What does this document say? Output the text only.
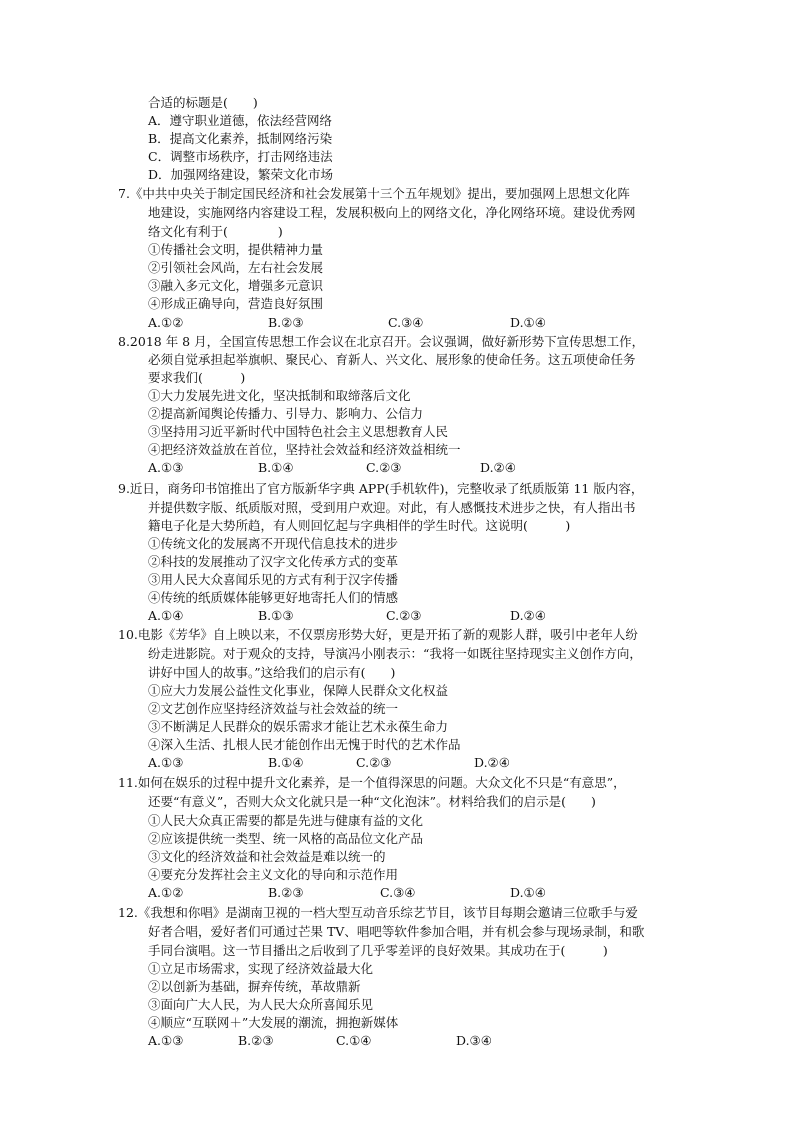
合适的标题是(　　)
A．遵守职业道德，依法经营网络
B．提高文化素养，抵制网络污染
C．调整市场秩序，打击网络违法
D．加强网络建设，繁荣文化市场
7.《中共中央关于制定国民经济和社会发展第十三个五年规划》提出，要加强网上思想文化阵
地建设，实施网络内容建设工程，发展积极向上的网络文化，净化网络环境。建设优秀网
络文化有利于(　　　　)
①传播社会文明，提供精神力量
②引领社会风尚，左右社会发展
③融入多元文化，增强多元意识
④形成正确导向，营造良好氛围
A.①②	B.②③	C.③④	D.①④
8.2018 年 8 月，全国宣传思想工作会议在北京召开。会议强调，做好新形势下宣传思想工作，
必须自觉承担起举旗帜、聚民心、育新人、兴文化、展形象的使命任务。这五项使命任务
要求我们(　　　)
①大力发展先进文化，坚决抵制和取缔落后文化
②提高新闻舆论传播力、引导力、影响力、公信力
③坚持用习近平新时代中国特色社会主义思想教育人民
④把经济效益放在首位，坚持社会效益和经济效益相统一
A.①③	B.①④	C.②③	D.②④
9.近日，商务印书馆推出了官方版新华字典 APP(手机软件)，完整收录了纸质版第 11 版内容，
并提供数字版、纸质版对照，受到用户欢迎。对此，有人感慨技术进步之快，有人指出书
籍电子化是大势所趋，有人则回忆起与字典相伴的学生时代。这说明(　　　)
①传统文化的发展离不开现代信息技术的进步
②科技的发展推动了汉字文化传承方式的变革
③用人民大众喜闻乐见的方式有利于汉字传播
④传统的纸质媒体能够更好地寄托人们的情感
A.①④	B.①③	C.②③	D.②④
10.电影《芳华》自上映以来，不仅票房形势大好，更是开拓了新的观影人群，吸引中老年人纷
纷走进影院。对于观众的支持，导演冯小刚表示：“我将一如既往坚持现实主义创作方向，
讲好中国人的故事。”这给我们的启示有(　　)
①应大力发展公益性文化事业，保障人民群众文化权益
②文艺创作应坚持经济效益与社会效益的统一
③不断满足人民群众的娱乐需求才能让艺术永葆生命力
④深入生活、扎根人民才能创作出无愧于时代的艺术作品
A.①③	B.①④	C.②③	D.②④
11.如何在娱乐的过程中提升文化素养，是一个值得深思的问题。大众文化不只是“有意思”，
还要“有意义”，否则大众文化就只是一种“文化泡沫”。材料给我们的启示是(　　)
①人民大众真正需要的都是先进与健康有益的文化
②应该提供统一类型、统一风格的高品位文化产品
③文化的经济效益和社会效益是难以统一的
④要充分发挥社会主义文化的导向和示范作用
A.①②	B.②③	C.③④	D.①④
12.《我想和你唱》是湖南卫视的一档大型互动音乐综艺节目，该节目每期会邀请三位歌手与爱
好者合唱，爱好者们可通过芒果 TV、唱吧等软件参加合唱，并有机会参与现场录制，和歌
手同台演唱。这一节目播出之后收到了几乎零差评的良好效果。其成功在于(　　　)
①立足市场需求，实现了经济效益最大化
②以创新为基础，摒弃传统，革故鼎新
③面向广大人民，为人民大众所喜闻乐见
④顺应“互联网＋”大发展的潮流，拥抱新媒体
A.①③	B.②③	C.①④	D.③④
